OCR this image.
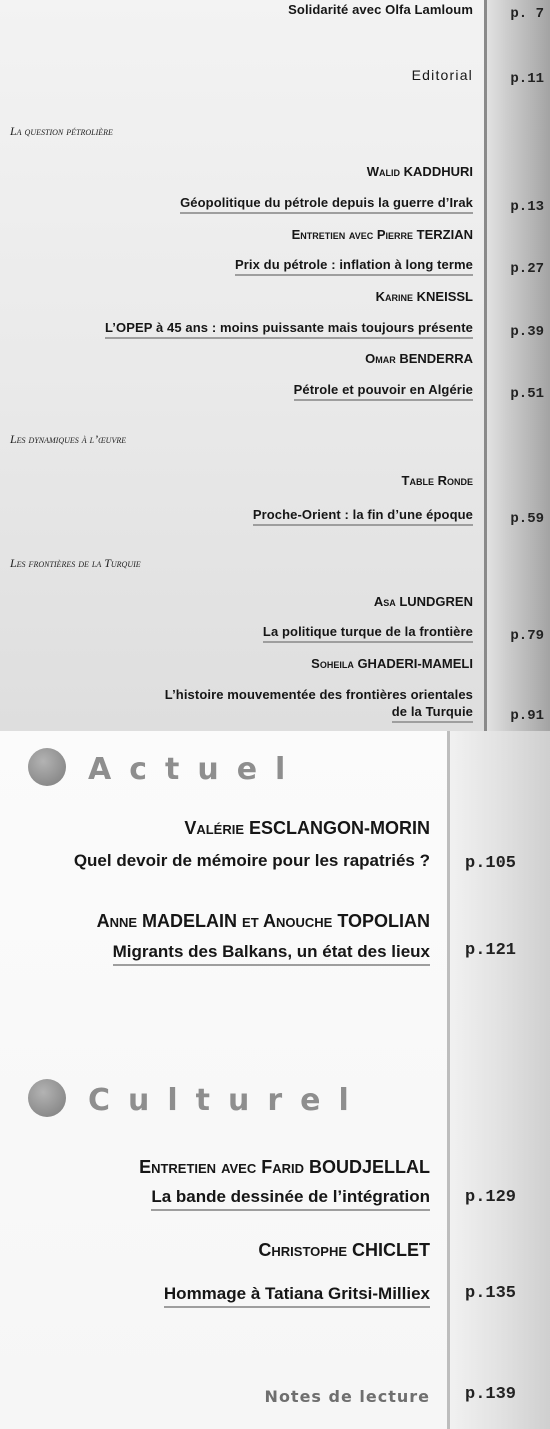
Solidarité avec Olfa Lamloum	p. 7
Editorial	p.11
La question pétrolière
Walid KADDHURI
Géopolitique du pétrole depuis la guerre d’Irak	p.13
Entretien avec Pierre TERZIAN
Prix du pétrole : inflation à long terme	p.27
Karine KNEISSL
L’OPEP à 45 ans : moins puissante mais toujours présente	p.39
Omar BENDERRA
Pétrole et pouvoir en Algérie	p.51
Les dynamiques à l’œuvre
Table Ronde
Proche-Orient : la fin d’une époque	p.59
Les frontières de la Turquie
Asa LUNDGREN
La politique turque de la frontière	p.79
Soheila GHADERI-MAMELI
L’histoire mouvementée des frontières orientales
de la Turquie	p.91
Actuel
Valérie ESCLANGON-MORIN
Quel devoir de mémoire pour les rapatriés ? p.105
Anne MADELAIN et Anouche TOPOLIAN
Migrants des Balkans, un état des lieux p.121
Culturel
Entretien avec Farid BOUDJELLAL
La bande dessinée de l’intégration p.129
Christophe CHICLET
Hommage à Tatiana Gritsi-Milliex p.135
Notes de lecture p.139
